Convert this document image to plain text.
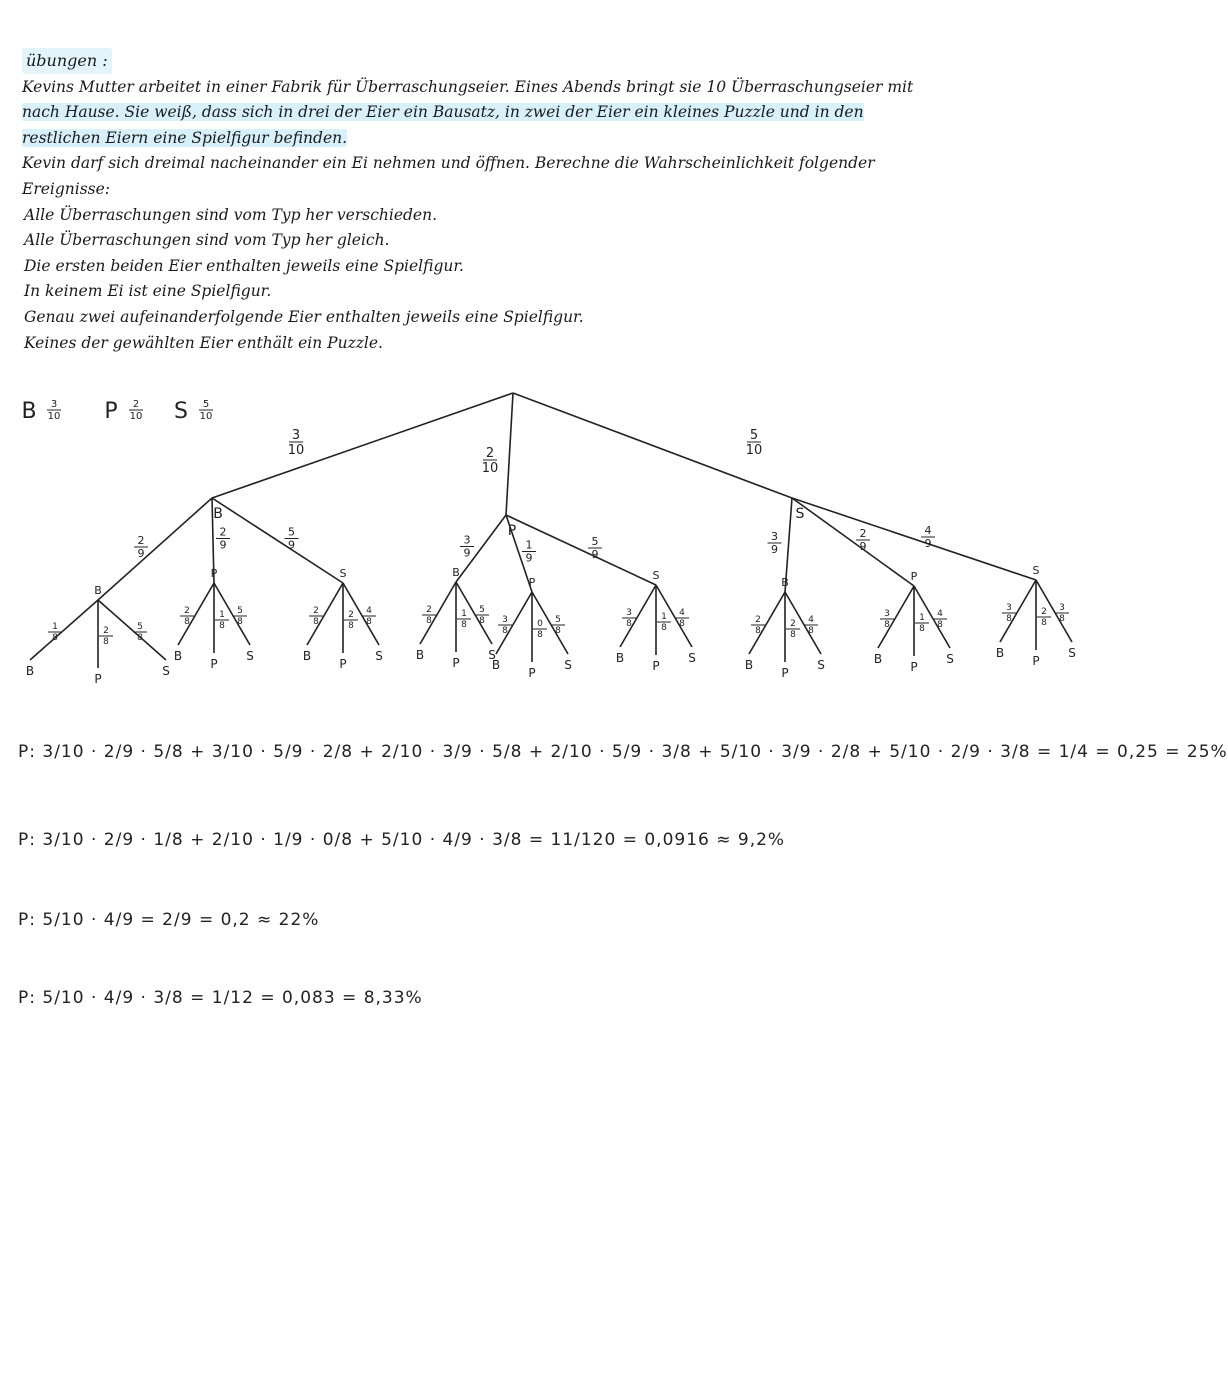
übungen :
Kevins Mutter arbeitet in einer Fabrik für Überraschungseier. Eines Abends bringt sie 10 Überraschungseier mit
nach Hause. Sie weiß, dass sich in drei der Eier ein Bausatz, in zwei der Eier ein kleines Puzzle und in den
restlichen Eiern eine Spielfigur befinden.
Kevin darf sich dreimal nacheinander ein Ei nehmen und öffnen. Berechne die Wahrscheinlichkeit folgender
Ereignisse:
Alle Überraschungen sind vom Typ her verschieden.
Alle Überraschungen sind vom Typ her gleich.
Die ersten beiden Eier enthalten jeweils eine Spielfigur.
In keinem Ei ist eine Spielfigur.
Genau zwei aufeinanderfolgende Eier enthalten jeweils eine Spielfigur.
Keines der gewählten Eier enthält ein Puzzle.
B 3
10 P 2
10 S 5
10
3
10
B
2
10
P
5
10
S
2
9
B
2
9
P
5
9
S
3
9
B
1
9
P
5
9
S
3
9
B
2
9
P
4
9
S
1
8
B
2
8
P
5
8
S
2
8
B
1
8
P
5
8
S
2
8
B
2
8
P
4
8
S
2
8
B
1
8
P
5
8
S
3
8
B
0
8
P
5
8
S
3
8
B
1
8
P
4
8
S
2
8
B
2
8
P
4
8
S
3
8
B
1
8
P
4
8
S
3
8
B
2
8
P
3
8
S
P: 3/10 · 2/9 · 5/8 + 3/10 · 5/9 · 2/8 + 2/10 · 3/9 · 5/8 + 2/10 · 5/9 · 3/8 + 5/10 · 3/9 · 2/8 + 5/10 · 2/9 · 3/8 = 1/4 = 0,25 = 25%
P: 3/10 · 2/9 · 1/8 + 2/10 · 1/9 · 0/8 + 5/10 · 4/9 · 3/8 = 11/120 = 0,0916 ≈ 9,2%
P: 5/10 · 4/9 = 2/9 = 0,2 ≈ 22%
P: 5/10 · 4/9 · 3/8 = 1/12 = 0,083 = 8,33%
